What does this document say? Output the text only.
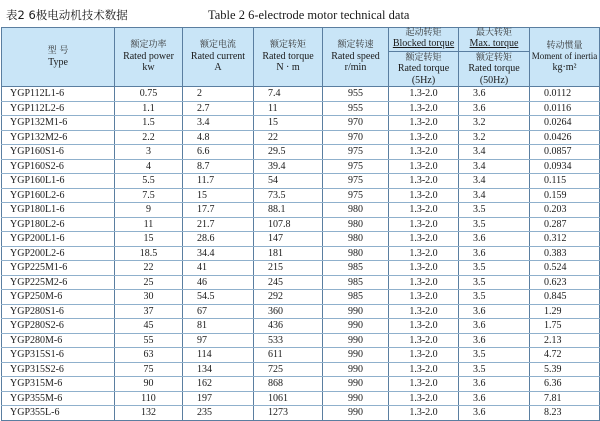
表2 6极电动机技术数据	Table 2 6-electrode motor technical data
型 号
Type	额定功率
Rated power
kw	额定电流
Rated current
A	额定转矩
Rated torque
N · m	额定转速
Rated speed
r/min	起动转矩
Blocked torque
额定转矩
Rated torque
(5Hz)	最大转矩
Max. torque
额定转矩
Rated torque
(50Hz)	转动惯量
Moment of inertia
kg·m²

YGP112L1-6	0.75	2	7.4	955	1.3-2.0	3.6	0.0112
YGP112L2-6	1.1	2.7	11	955	1.3-2.0	3.6	0.0116
YGP132M1-6	1.5	3.4	15	970	1.3-2.0	3.2	0.0264
YGP132M2-6	2.2	4.8	22	970	1.3-2.0	3.2	0.0426
YGP160S1-6	3	6.6	29.5	975	1.3-2.0	3.4	0.0857
YGP160S2-6	4	8.7	39.4	975	1.3-2.0	3.4	0.0934
YGP160L1-6	5.5	11.7	54	975	1.3-2.0	3.4	0.115
YGP160L2-6	7.5	15	73.5	975	1.3-2.0	3.4	0.159
YGP180L1-6	9	17.7	88.1	980	1.3-2.0	3.5	0.203
YGP180L2-6	11	21.7	107.8	980	1.3-2.0	3.5	0.287
YGP200L1-6	15	28.6	147	980	1.3-2.0	3.6	0.312
YGP200L2-6	18.5	34.4	181	980	1.3-2.0	3.6	0.383
YGP225M1-6	22	41	215	985	1.3-2.0	3.5	0.524
YGP225M2-6	25	46	245	985	1.3-2.0	3.5	0.623
YGP250M-6	30	54.5	292	985	1.3-2.0	3.5	0.845
YGP280S1-6	37	67	360	990	1.3-2.0	3.6	1.29
YGP280S2-6	45	81	436	990	1.3-2.0	3.6	1.75
YGP280M-6	55	97	533	990	1.3-2.0	3.6	2.13
YGP315S1-6	63	114	611	990	1.3-2.0	3.5	4.72
YGP315S2-6	75	134	725	990	1.3-2.0	3.5	5.39
YGP315M-6	90	162	868	990	1.3-2.0	3.6	6.36
YGP355M-6	110	197	1061	990	1.3-2.0	3.6	7.81
YGP355L-6	132	235	1273	990	1.3-2.0	3.6	8.23
